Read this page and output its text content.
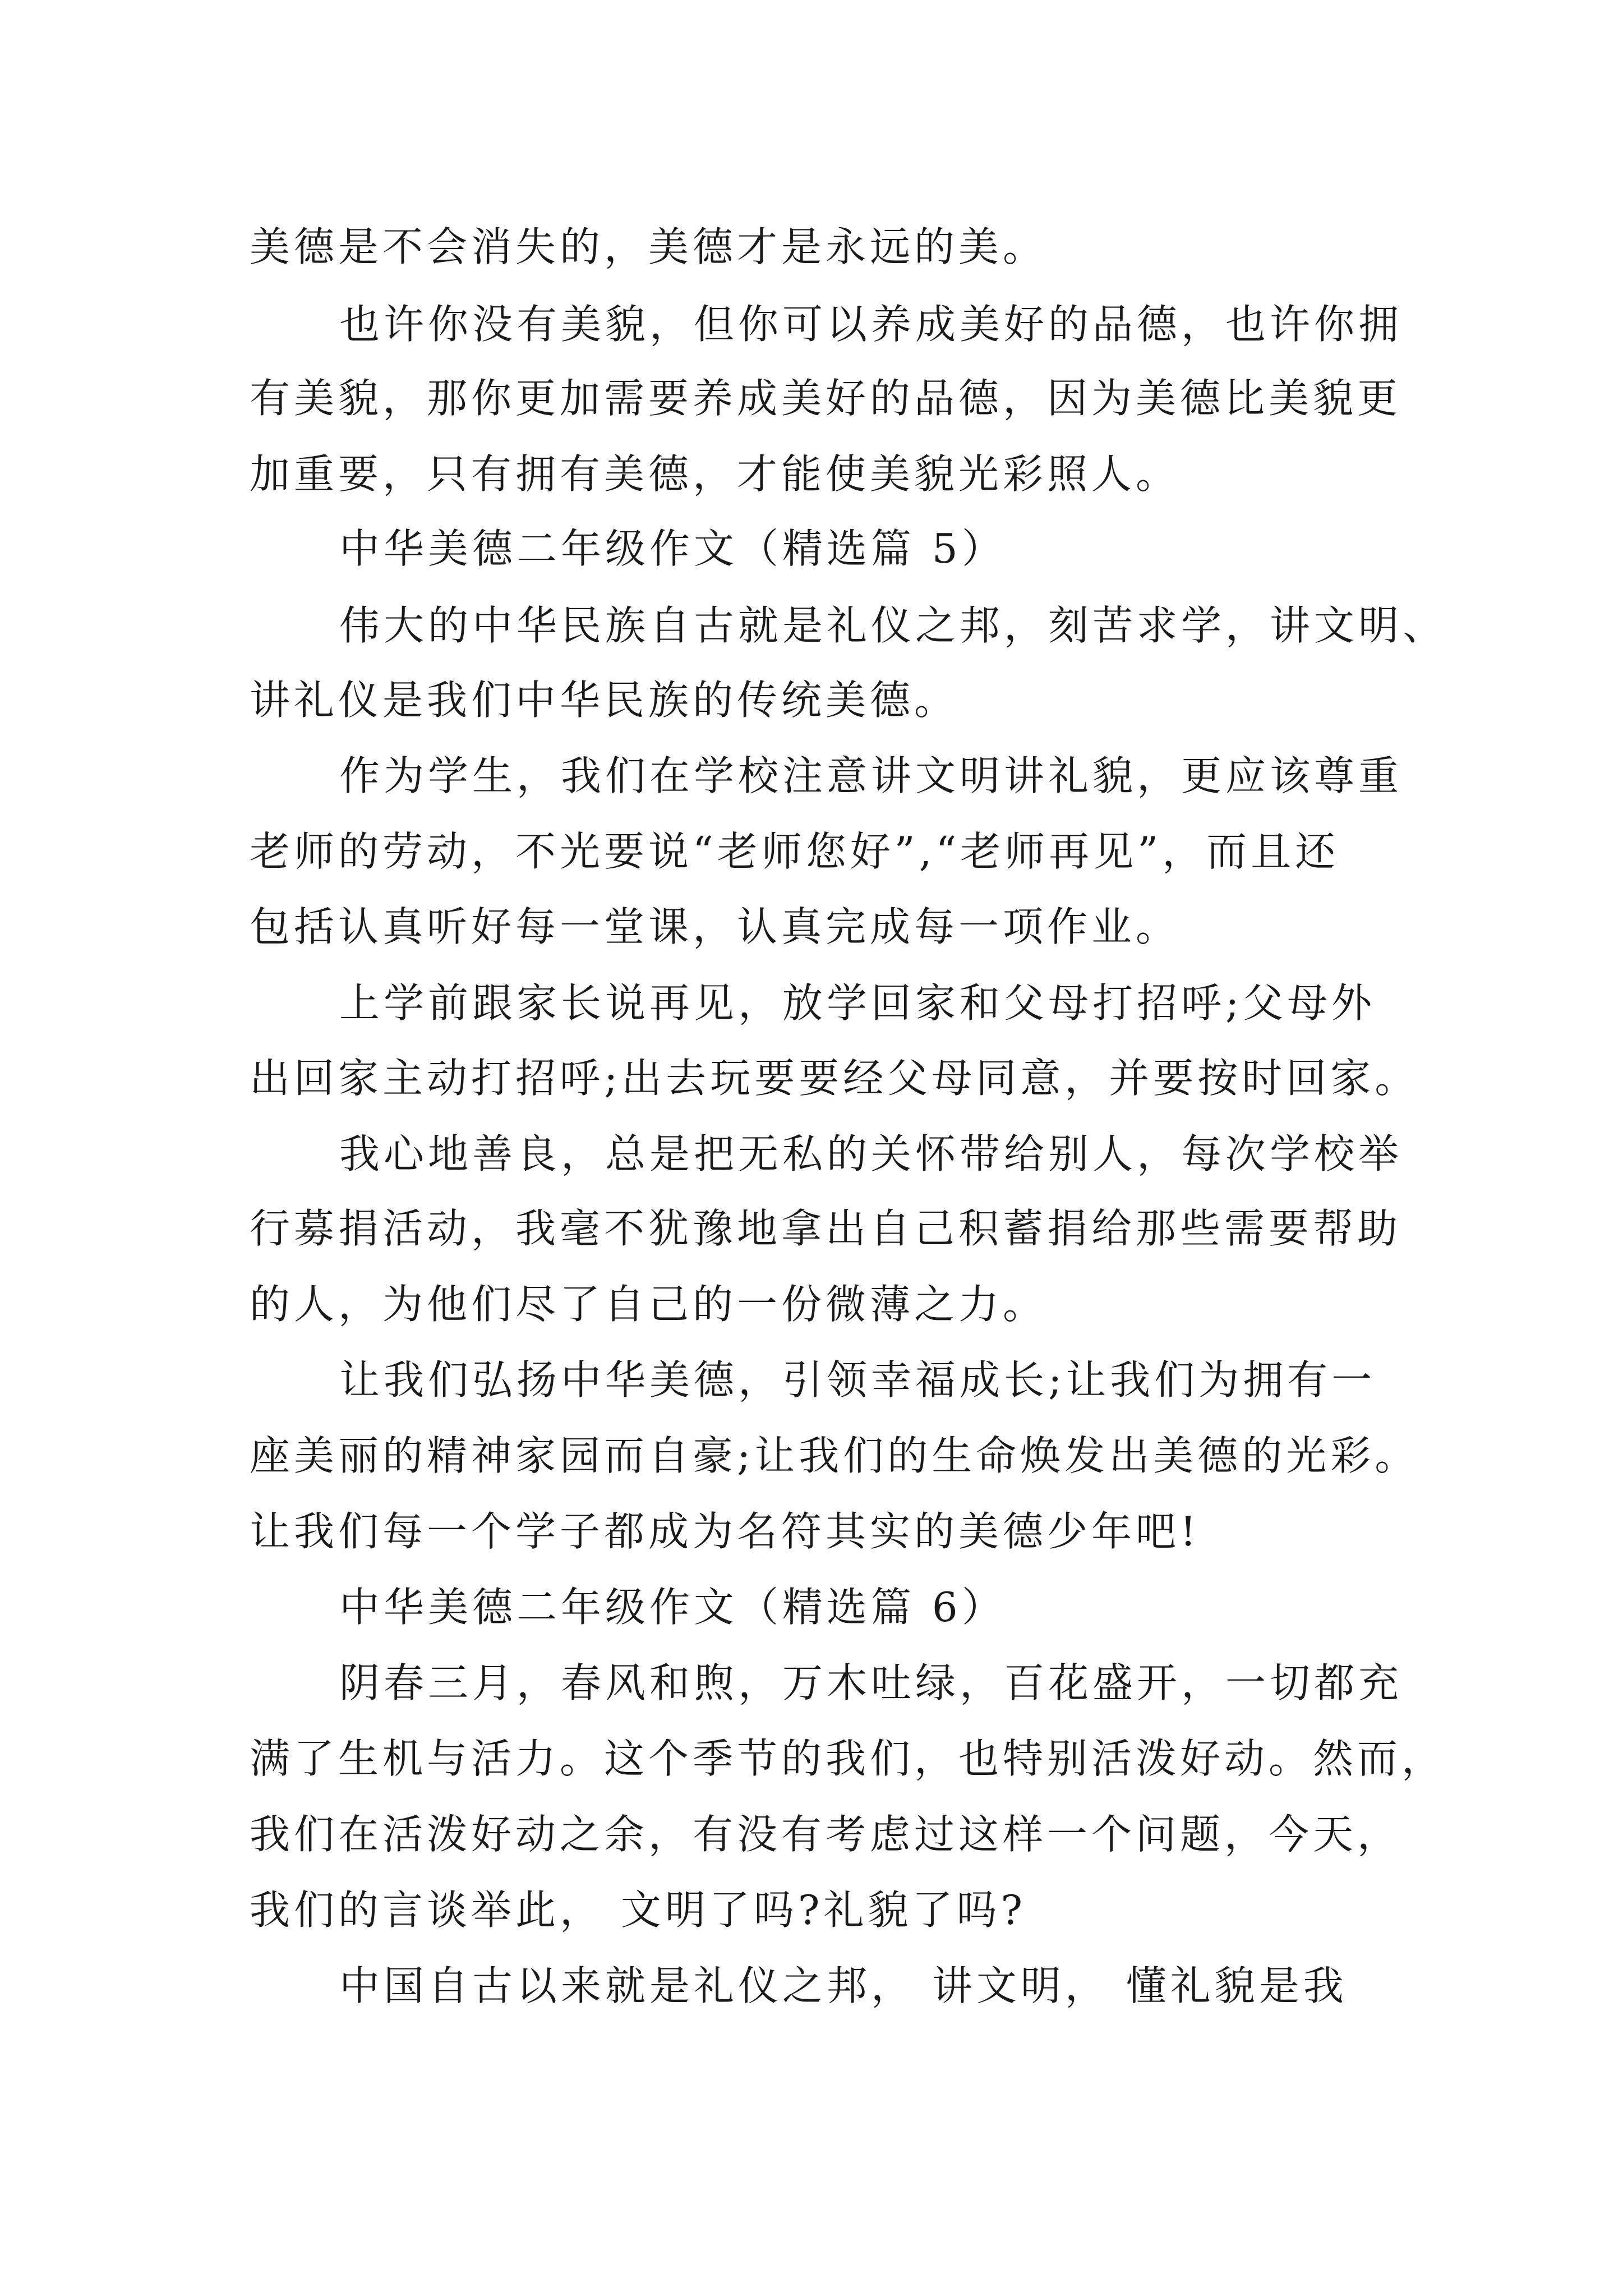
美德是不会消失的，美德才是永远的美。
也许你没有美貌，但你可以养成美好的品德，也许你拥
有美貌，那你更加需要养成美好的品德，因为美德比美貌更
加重要，只有拥有美德，才能使美貌光彩照人。
中华美德二年级作文（精选篇 5）
伟大的中华民族自古就是礼仪之邦，刻苦求学，讲文明、
讲礼仪是我们中华民族的传统美德。
作为学生，我们在学校注意讲文明讲礼貌，更应该尊重
老师的劳动，不光要说“老师您好”,“老师再见”，而且还
包括认真听好每一堂课，认真完成每一项作业。
上学前跟家长说再见，放学回家和父母打招呼;父母外
出回家主动打招呼;出去玩要要经父母同意，并要按时回家。
我心地善良，总是把无私的关怀带给别人，每次学校举
行募捐活动，我毫不犹豫地拿出自己积蓄捐给那些需要帮助
的人，为他们尽了自己的一份微薄之力。
让我们弘扬中华美德，引领幸福成长;让我们为拥有一
座美丽的精神家园而自豪;让我们的生命焕发出美德的光彩。
让我们每一个学子都成为名符其实的美德少年吧!
中华美德二年级作文（精选篇 6）
阴春三月，春风和煦，万木吐绿，百花盛开，一切都充
满了生机与活力。这个季节的我们，也特别活泼好动。然而，
我们在活泼好动之余，有没有考虑过这样一个问题，今天，
我们的言谈举此， 文明了吗?礼貌了吗?
中国自古以来就是礼仪之邦， 讲文明， 懂礼貌是我
